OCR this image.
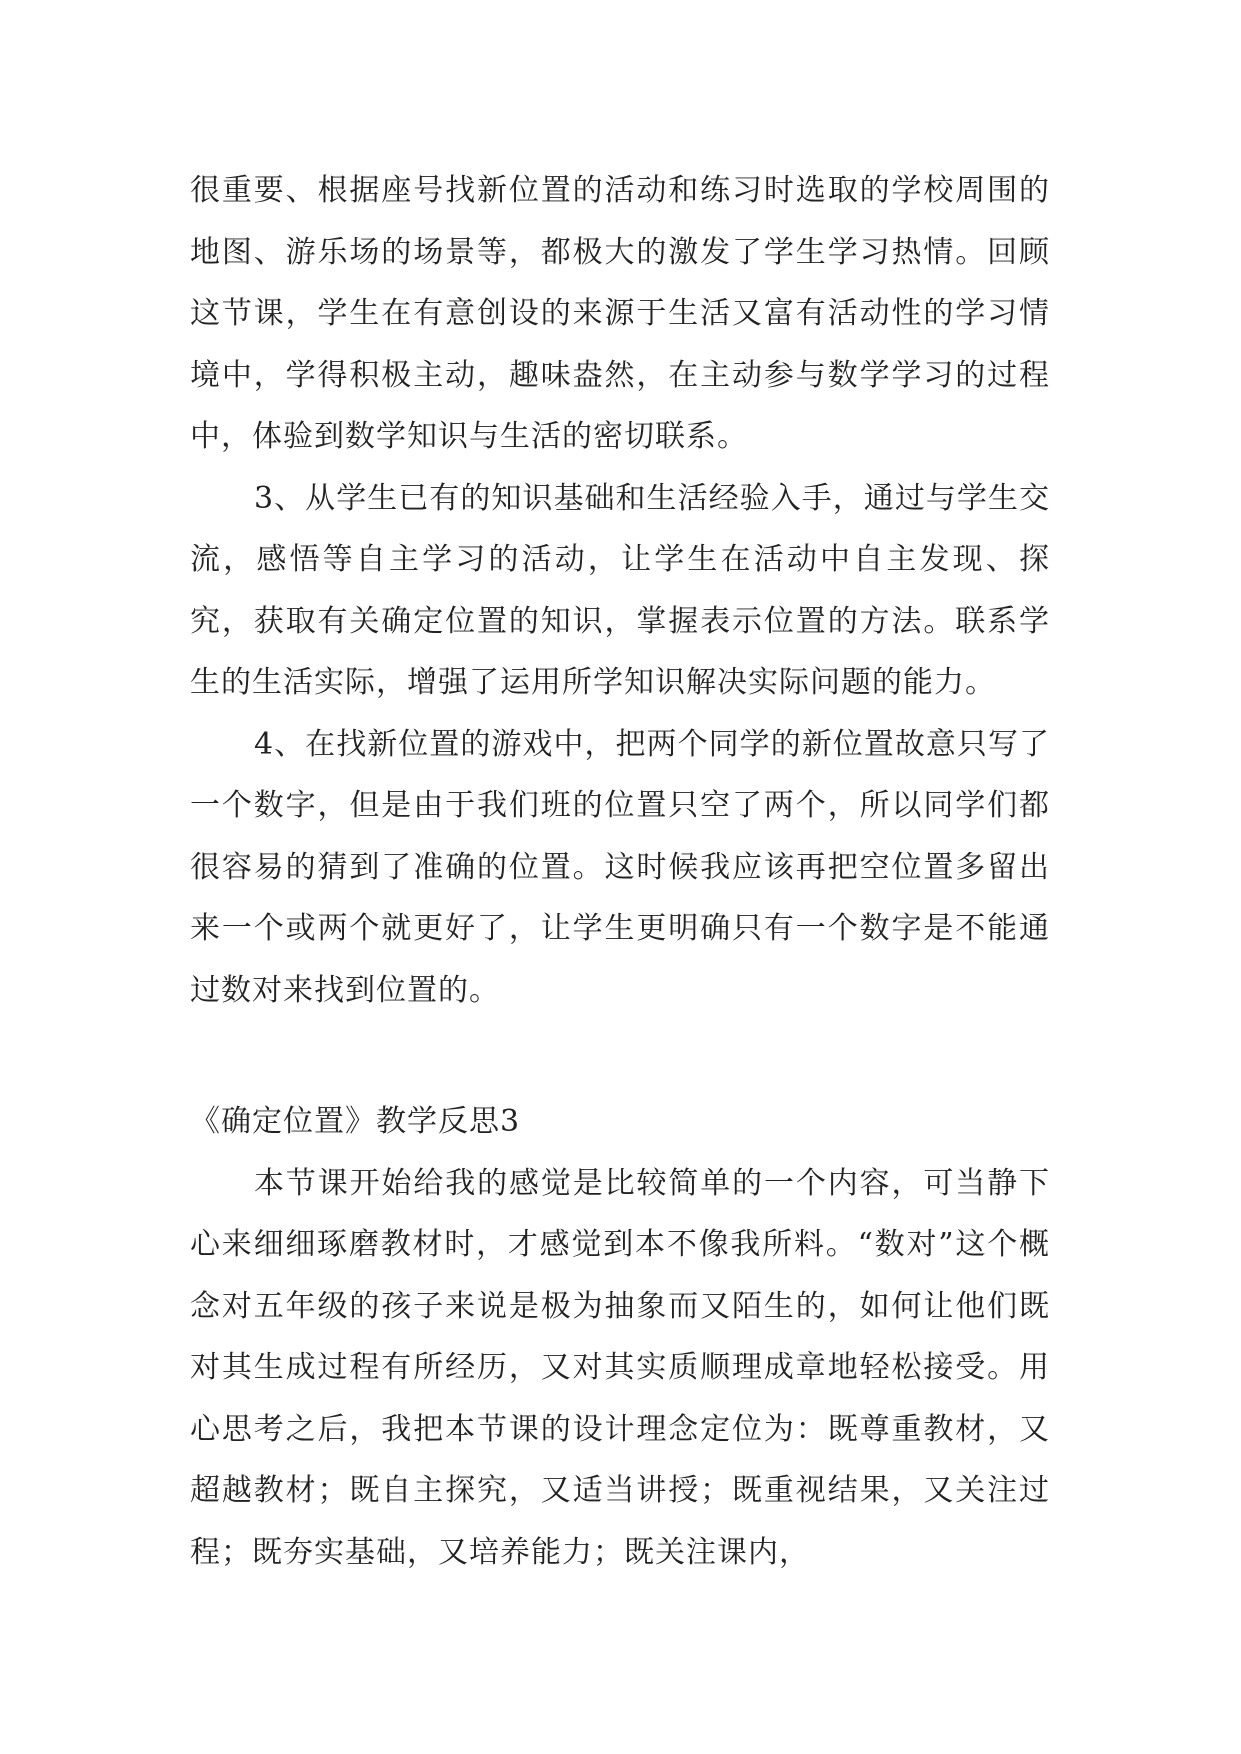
很重要、根据座号找新位置的活动和练习时选取的学校周围的地图、游乐场的场景等，都极大的激发了学生学习热情。回顾这节课，学生在有意创设的来源于生活又富有活动性的学习情境中，学得积极主动，趣味盎然，在主动参与数学学习的过程中，体验到数学知识与生活的密切联系。

3、从学生已有的知识基础和生活经验入手，通过与学生交流，感悟等自主学习的活动，让学生在活动中自主发现、探究，获取有关确定位置的知识，掌握表示位置的方法。联系学生的生活实际，增强了运用所学知识解决实际问题的能力。

4、在找新位置的游戏中，把两个同学的新位置故意只写了一个数字，但是由于我们班的位置只空了两个，所以同学们都很容易的猜到了准确的位置。这时候我应该再把空位置多留出来一个或两个就更好了，让学生更明确只有一个数字是不能通过数对来找到位置的。

《确定位置》教学反思3

本节课开始给我的感觉是比较简单的一个内容，可当静下心来细细琢磨教材时，才感觉到本不像我所料。“数对”这个概念对五年级的孩子来说是极为抽象而又陌生的，如何让他们既对其生成过程有所经历，又对其实质顺理成章地轻松接受。用心思考之后，我把本节课的设计理念定位为：既尊重教材，又超越教材；既自主探究，又适当讲授；既重视结果，又关注过程；既夯实基础，又培养能力；既关注课内，
